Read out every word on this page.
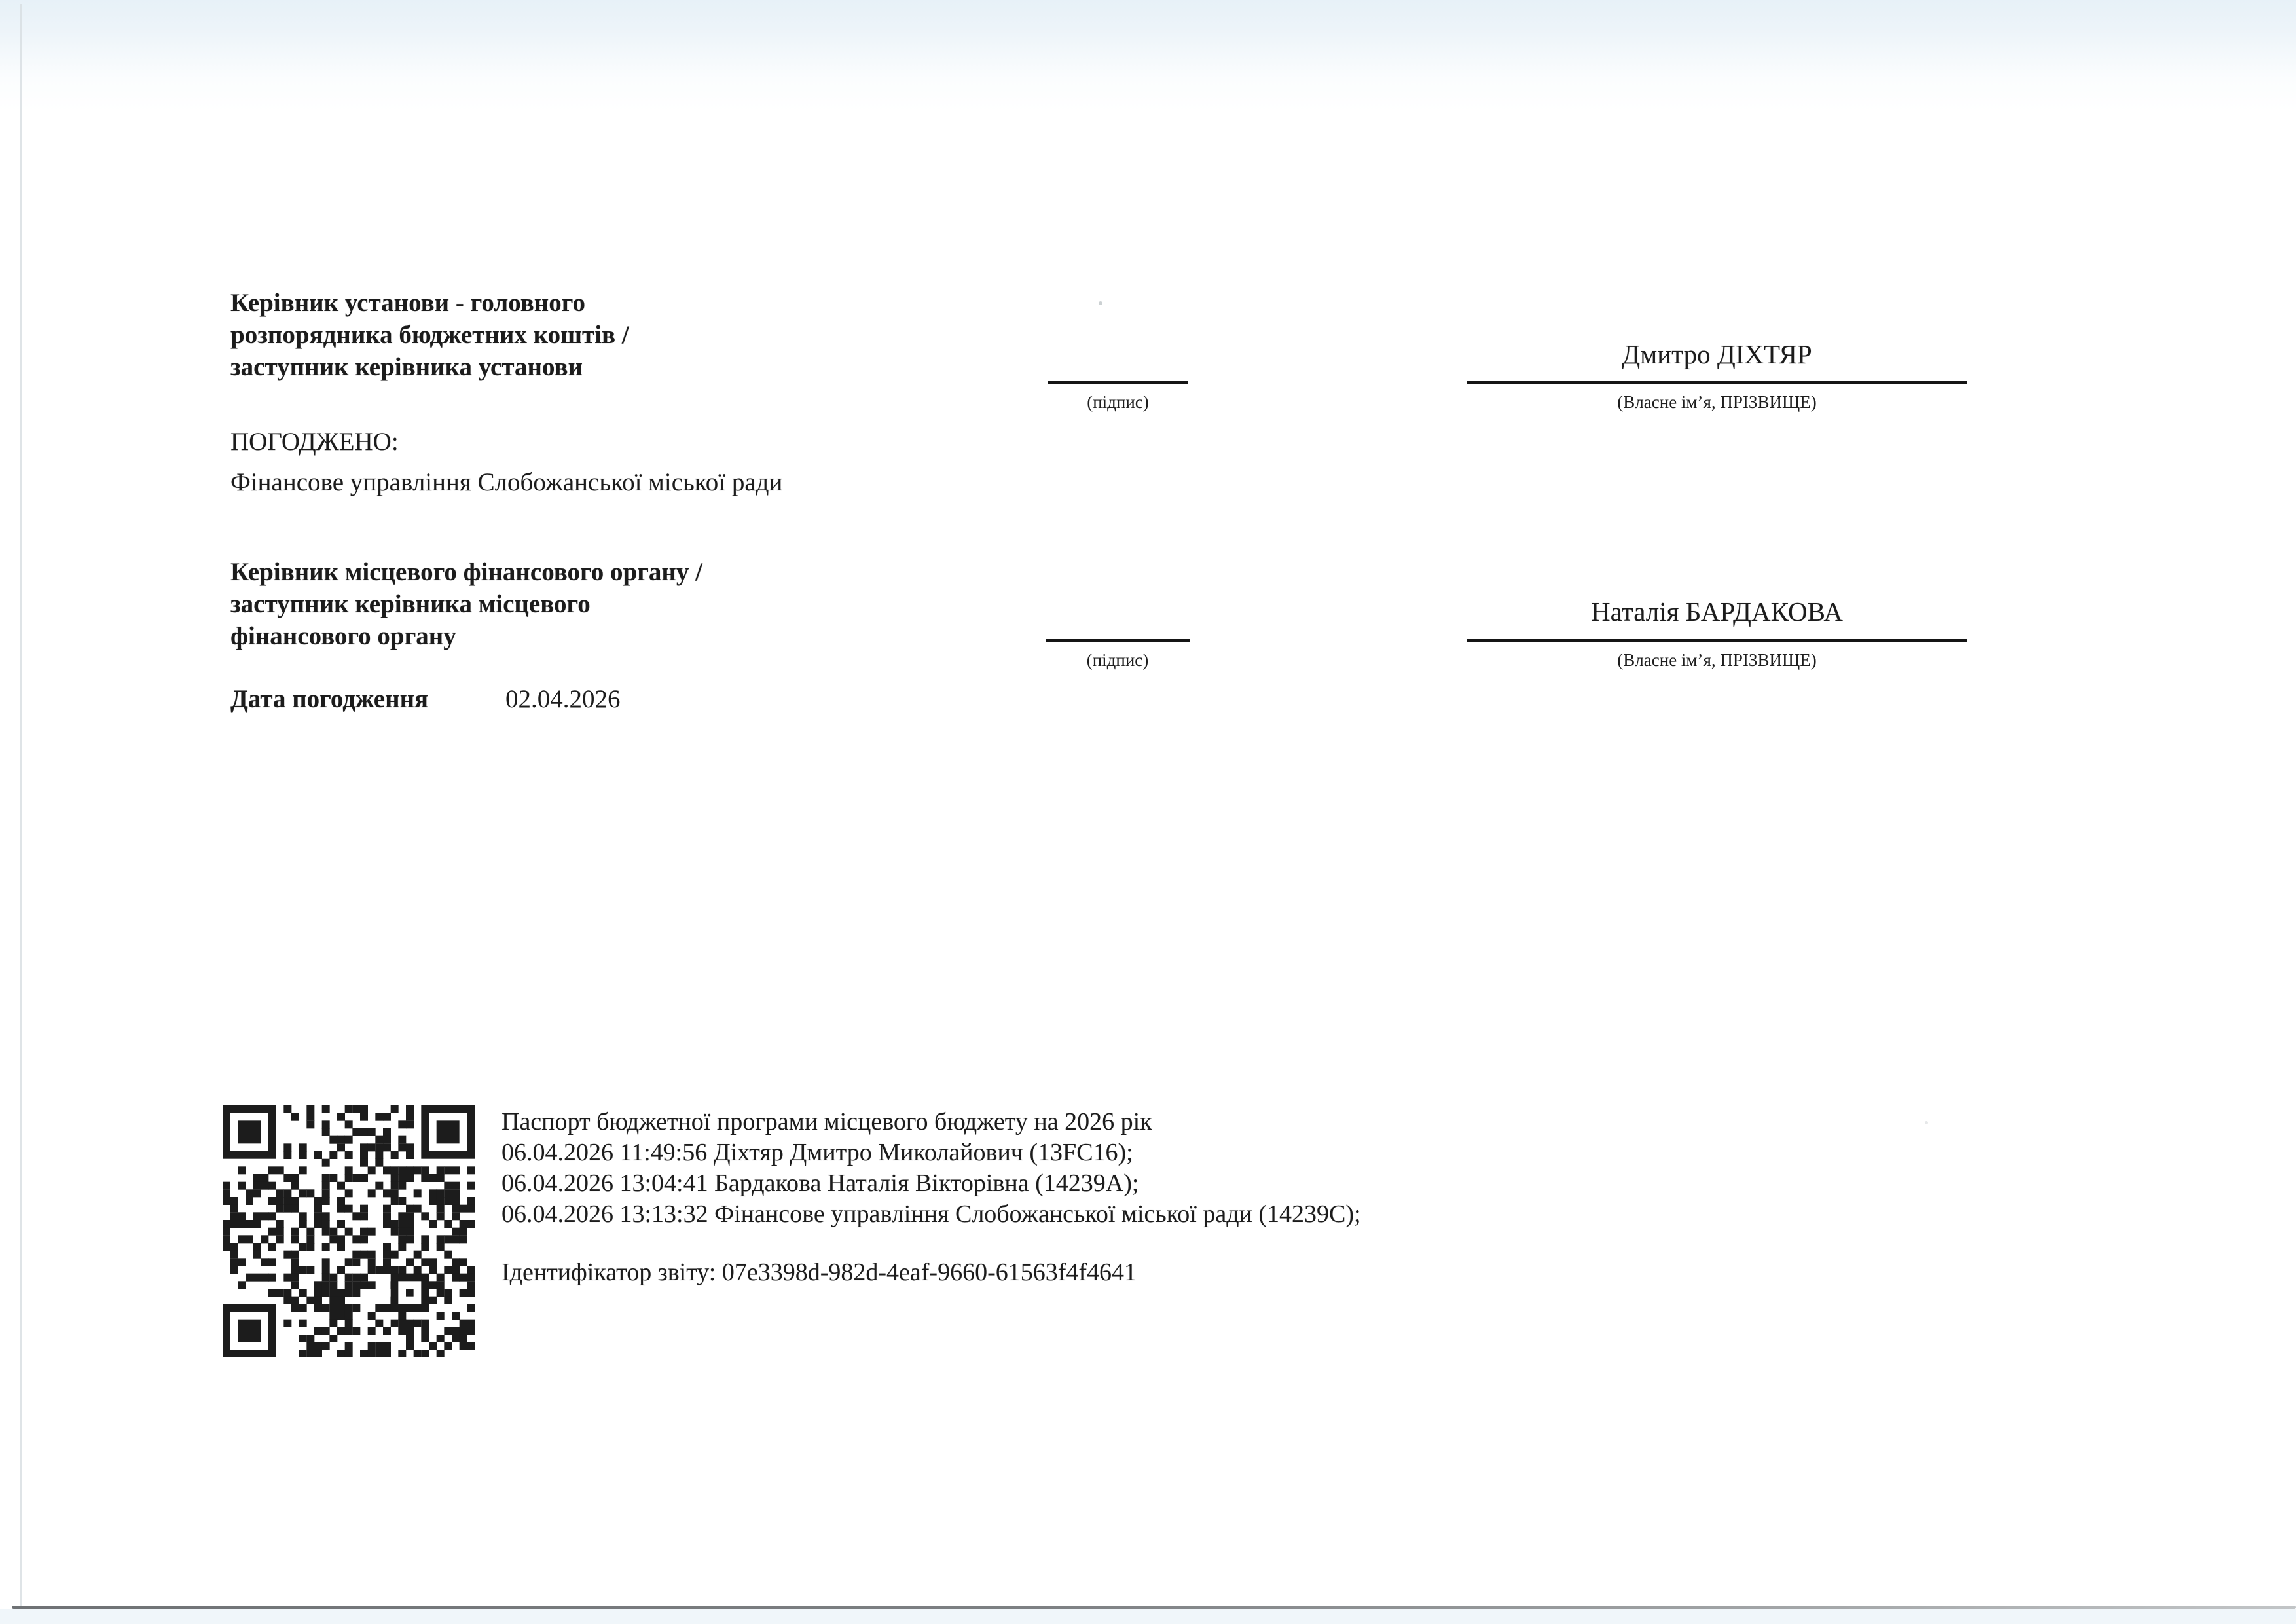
Керівник установи - головного
розпорядника бюджетних коштів /
заступник керівника установи
(підпис)
Дмитро ДІХТЯР
(Власне ім’я, ПРІЗВИЩЕ)
ПОГОДЖЕНО:
Фінансове управління Слобожанської міської ради
Керівник місцевого фінансового органу /
заступник керівника місцевого
фінансового органу
(підпис)
Наталія БАРДАКОВА
(Власне ім’я, ПРІЗВИЩЕ)
Дата погодження	02.04.2026
Паспорт бюджетної програми місцевого бюджету на 2026 рік
06.04.2026 11:49:56 Діхтяр Дмитро Миколайович (13FC16);
06.04.2026 13:04:41 Бардакова Наталія Вікторівна (14239A);
06.04.2026 13:13:32 Фінансове управління Слобожанської міської ради (14239C);
Ідентифікатор звіту: 07e3398d-982d-4eaf-9660-61563f4f4641
